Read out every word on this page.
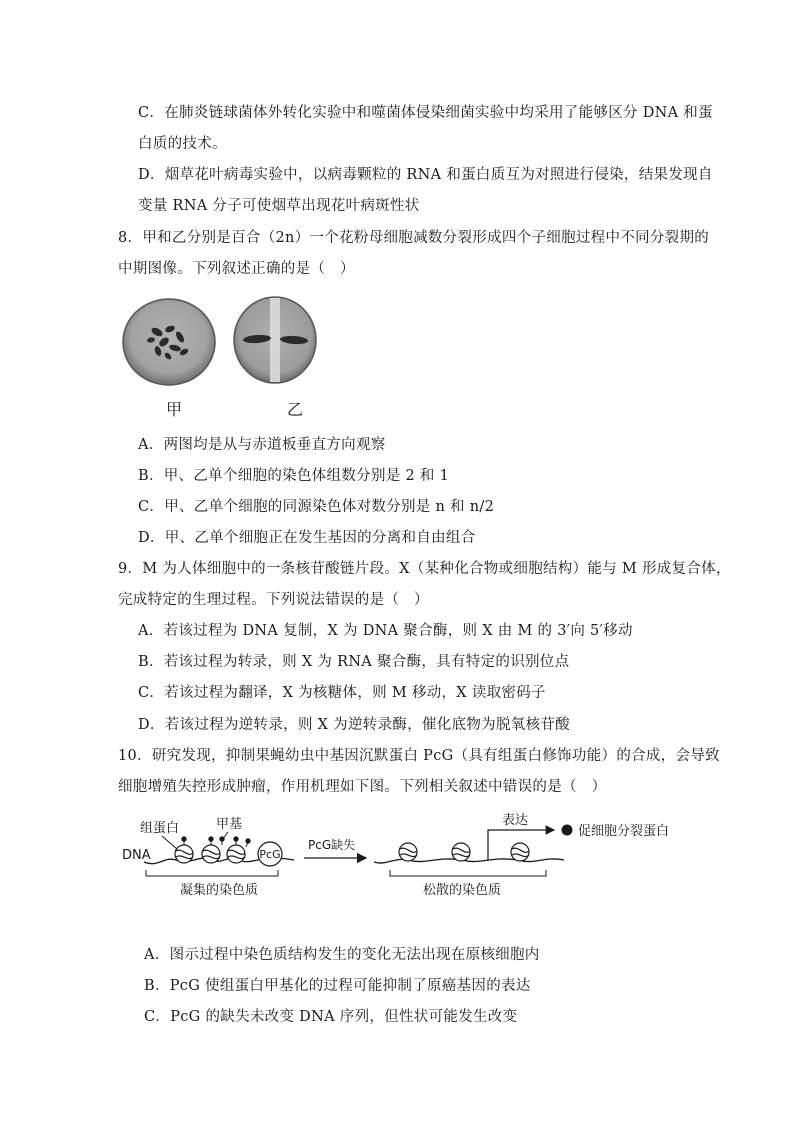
C．在肺炎链球菌体外转化实验中和噬菌体侵染细菌实验中均采用了能够区分 DNA 和蛋
白质的技术。
D．烟草花叶病毒实验中，以病毒颗粒的 RNA 和蛋白质互为对照进行侵染，结果发现自
变量 RNA 分子可使烟草出现花叶病斑性状
8．甲和乙分别是百合（2n）一个花粉母细胞减数分裂形成四个子细胞过程中不同分裂期的
中期图像。下列叙述正确的是（　）
甲	乙
A．两图均是从与赤道板垂直方向观察
B．甲、乙单个细胞的染色体组数分别是 2 和 1
C．甲、乙单个细胞的同源染色体对数分别是 n 和 n/2
D．甲、乙单个细胞正在发生基因的分离和自由组合
9．M 为人体细胞中的一条核苷酸链片段。X（某种化合物或细胞结构）能与 M 形成复合体，
完成特定的生理过程。下列说法错误的是（　）
A．若该过程为 DNA 复制，X 为 DNA 聚合酶，则 X 由 M 的 3′向 5′移动
B．若该过程为转录，则 X 为 RNA 聚合酶，具有特定的识别位点
C．若该过程为翻译，X 为核糖体，则 M 移动，X 读取密码子
D．若该过程为逆转录，则 X 为逆转录酶，催化底物为脱氧核苷酸
10．研究发现，抑制果蝇幼虫中基因沉默蛋白 PcG（具有组蛋白修饰功能）的合成，会导致
细胞增殖失控形成肿瘤，作用机理如下图。下列相关叙述中错误的是（　）
组蛋白	甲基
DNA	PcG
凝集的染色质
PcG缺失
表达
促细胞分裂蛋白
松散的染色质
A．图示过程中染色质结构发生的变化无法出现在原核细胞内
B．PcG 使组蛋白甲基化的过程可能抑制了原癌基因的表达
C．PcG 的缺失未改变 DNA 序列，但性状可能发生改变
